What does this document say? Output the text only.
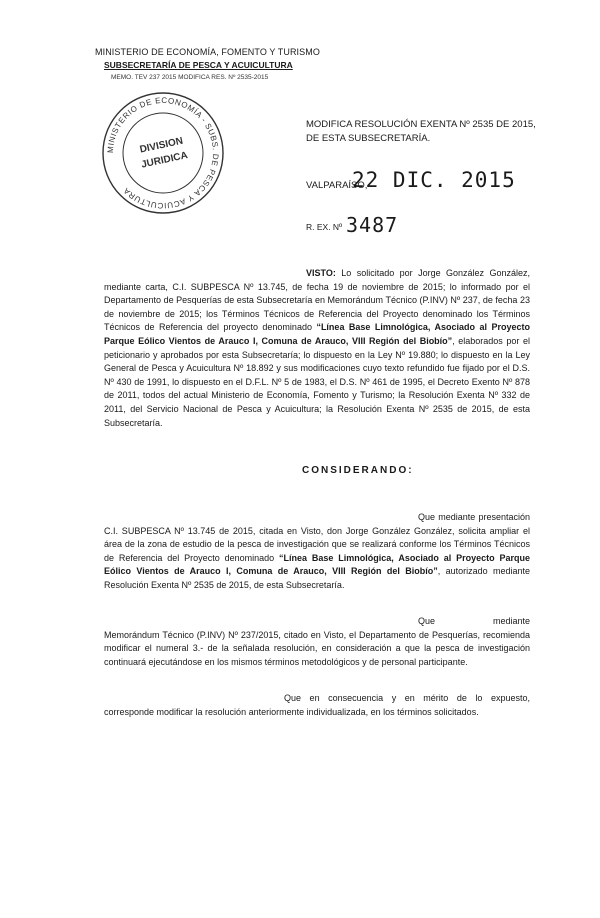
MINISTERIO DE ECONOMÍA, FOMENTO Y TURISMO
SUBSECRETARÍA DE PESCA Y ACUICULTURA
MEMO. TEV 237 2015 MODIFICA RES. Nº 2535-2015
MINISTERIO DE ECONOMÍA - SUBS. DE PESCA Y ACUICULTURA
DIVISION
JURIDICA
MODIFICA RESOLUCIÓN EXENTA Nº 2535 DE 2015,
DE ESTA SUBSECRETARÍA.
VALPARAÍSO,
22 DIC. 2015
R. EX. Nº 3487

VISTO: Lo solicitado por Jorge González González, mediante carta, C.I. SUBPESCA Nº 13.745, de fecha 19 de noviembre de 2015; lo informado por el Departamento de Pesquerías de esta Subsecretaría en Memorándum Técnico (P.INV) Nº 237, de fecha 23 de noviembre de 2015; los Términos Técnicos de Referencia del Proyecto denominado los Términos Técnicos de Referencia del proyecto denominado “Línea Base Limnológica, Asociado al Proyecto Parque Eólico Vientos de Arauco I, Comuna de Arauco, VIII Región del Biobío”, elaborados por el peticionario y aprobados por esta Subsecretaría; lo dispuesto en la Ley Nº 19.880; lo dispuesto en la Ley General de Pesca y Acuicultura Nº 18.892 y sus modificaciones cuyo texto refundido fue fijado por el D.S. Nº 430 de 1991, lo dispuesto en el D.F.L. Nº 5 de 1983, el D.S. Nº 461 de 1995, el Decreto Exento Nº 878 de 2011, todos del actual Ministerio de Economía, Fomento y Turismo; la Resolución Exenta Nº 332 de 2011, del Servicio Nacional de Pesca y Acuicultura; la Resolución Exenta Nº 2535 de 2015, de esta Subsecretaría.

CONSIDERANDO:

Que mediante presentación C.I. SUBPESCA Nº 13.745 de 2015, citada en Visto, don Jorge González González, solicita ampliar el área de la zona de estudio de la pesca de investigación que se realizará conforme los Términos Técnicos de Referencia del Proyecto denominado “Línea Base Limnológica, Asociado al Proyecto Parque Eólico Vientos de Arauco I, Comuna de Arauco, VIII Región del Biobío”, autorizado mediante Resolución Exenta Nº 2535 de 2015, de esta Subsecretaría.

Que mediante Memorándum Técnico (P.INV) Nº 237/2015, citado en Visto, el Departamento de Pesquerías, recomienda modificar el numeral 3.- de la señalada resolución, en consideración a que la pesca de investigación continuará ejecutándose en los mismos términos metodológicos y de personal participante.

Que en consecuencia y en mérito de lo expuesto, corresponde modificar la resolución anteriormente individualizada, en los términos solicitados.
